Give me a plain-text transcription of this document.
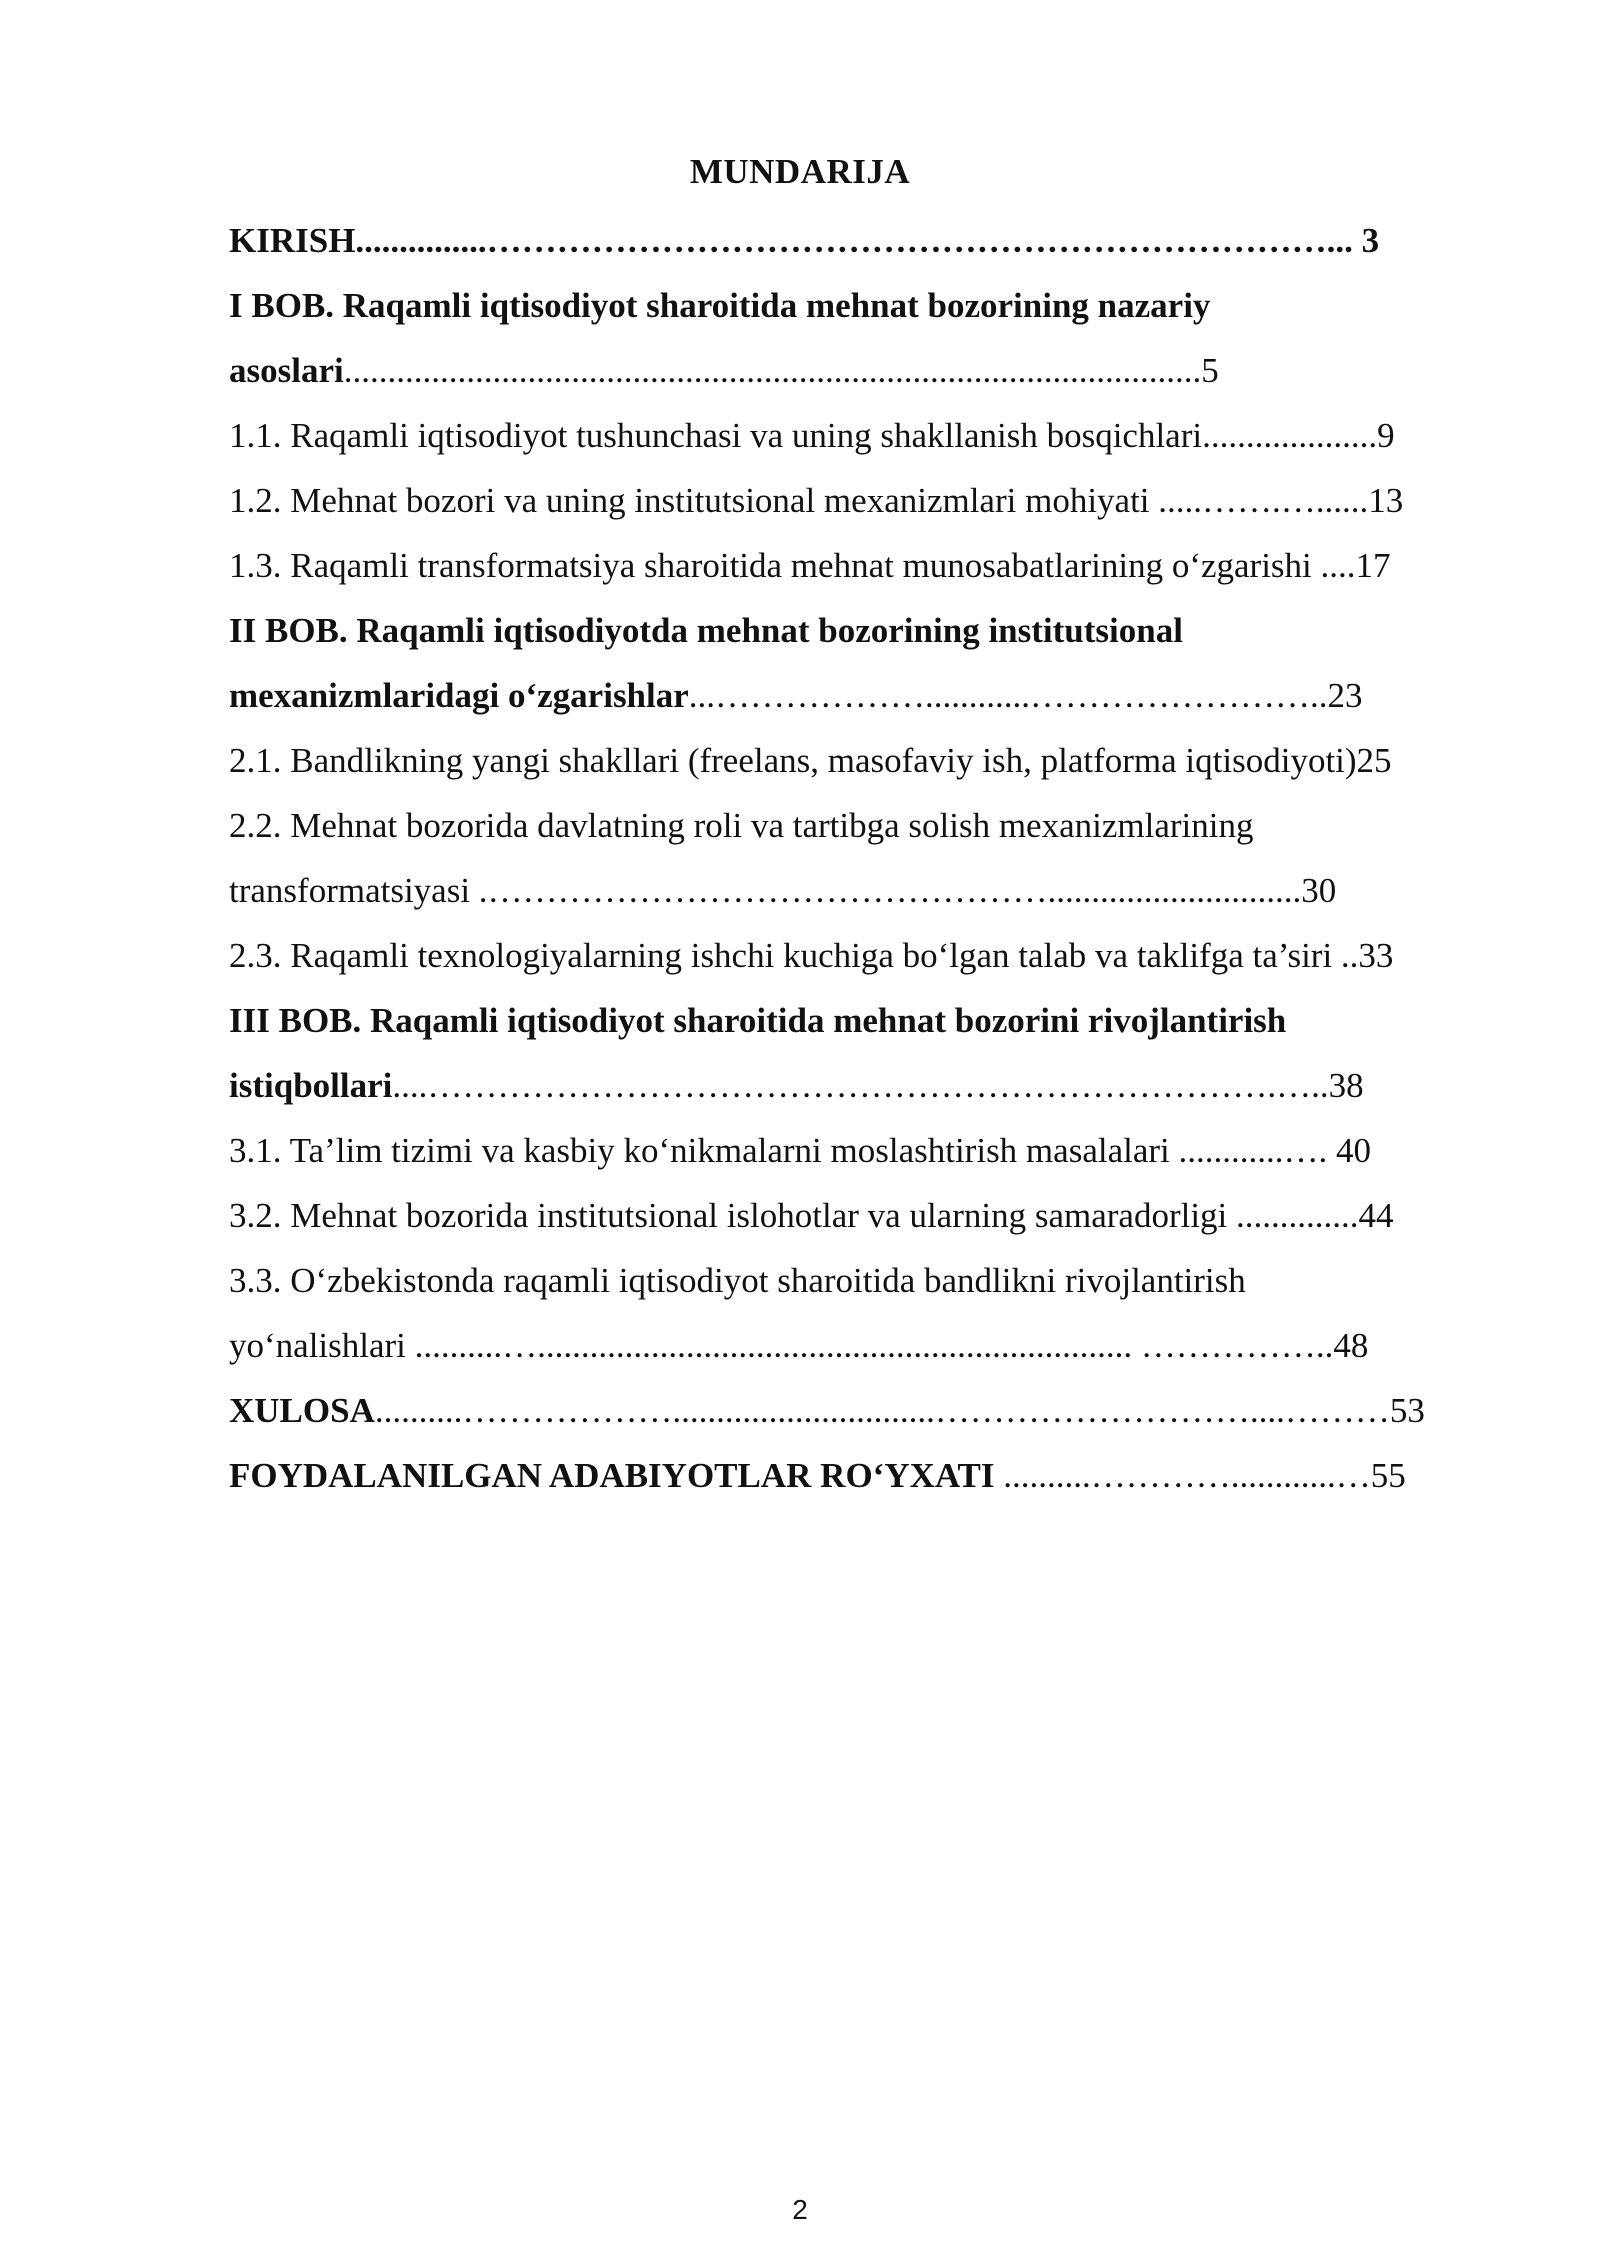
MUNDARIJA
KIRISH...............………………………………………………………………... 3
I BOB. Raqamli iqtisodiyot sharoitida mehnat bozorining nazariy
asoslari..................................................................................................5
1.1. Raqamli iqtisodiyot tushunchasi va uning shakllanish bosqichlari....................9
1.2. Mehnat bozori va uning institutsional mexanizmlari mohiyati .....…….…......13
1.3. Raqamli transformatsiya sharoitida mehnat munosabatlarining oʻzgarishi ....17
II BOB. Raqamli iqtisodiyotda mehnat bozorining institutsional
mexanizmlaridagi oʻzgarishlar...………………............……………………..23
2.1. Bandlikning yangi shakllari (freelans, masofaviy ish, platforma iqtisodiyoti)25
2.2. Mehnat bozorida davlatning roli va tartibga solish mexanizmlarining
transformatsiyasi .………………………………………….............................30
2.3. Raqamli texnologiyalarning ishchi kuchiga boʻlgan talab va taklifga ta’siri ..33
III BOB. Raqamli iqtisodiyot sharoitida mehnat bozorini rivojlantirish
istiqbollari....……………………………………………………………….…..38
3.1. Ta’lim tizimi va kasbiy koʻnikmalarni moslashtirish masalalari ............…. 40
3.2. Mehnat bozorida institutsional islohotlar va ularning samaradorligi ..............44
3.3. Oʻzbekistonda raqamli iqtisodiyot sharoitida bandlikni rivojlantirish
yoʻnalishlari ..........….................................................................... ……………..48
XULOSA..........………………..............................………………………....………53
FOYDALANILGAN ADABIYOTLAR ROʻYXATI ..........…………............…55
2
